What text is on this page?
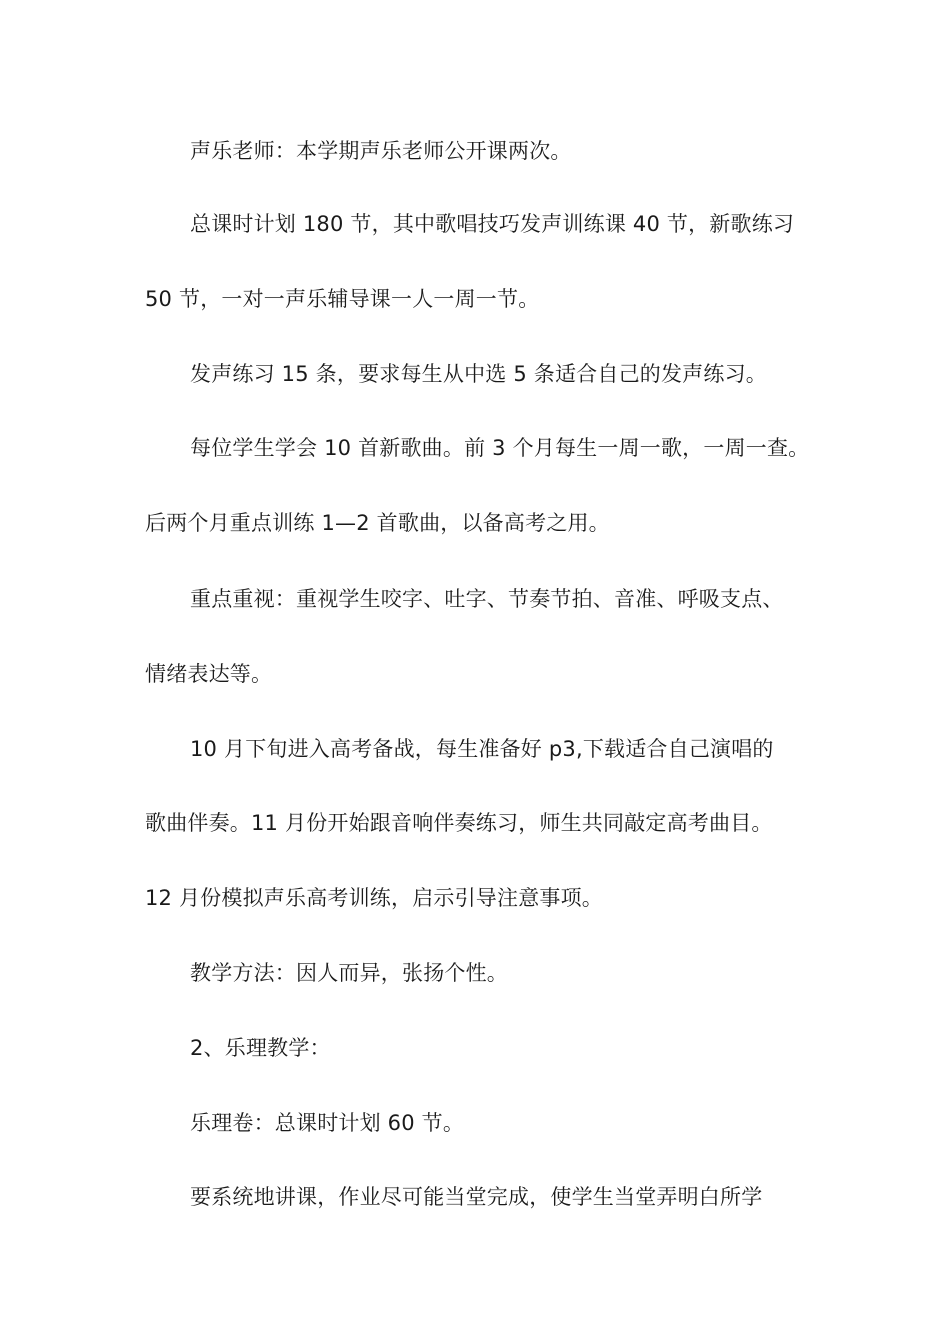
声乐老师：本学期声乐老师公开课两次。
总课时计划 180 节，其中歌唱技巧发声训练课 40 节，新歌练习
50 节，一对一声乐辅导课一人一周一节。
发声练习 15 条，要求每生从中选 5 条适合自己的发声练习。
每位学生学会 10 首新歌曲。前 3 个月每生一周一歌，一周一查。
后两个月重点训练 1—2 首歌曲，以备高考之用。
重点重视：重视学生咬字、吐字、节奏节拍、音准、呼吸支点、
情绪表达等。
10 月下旬进入高考备战，每生准备好 p3,下载适合自己演唱的
歌曲伴奏。11 月份开始跟音响伴奏练习，师生共同敲定高考曲目。
12 月份模拟声乐高考训练，启示引导注意事项。
教学方法：因人而异，张扬个性。
2、乐理教学：
乐理卷：总课时计划 60 节。
要系统地讲课，作业尽可能当堂完成，使学生当堂弄明白所学
